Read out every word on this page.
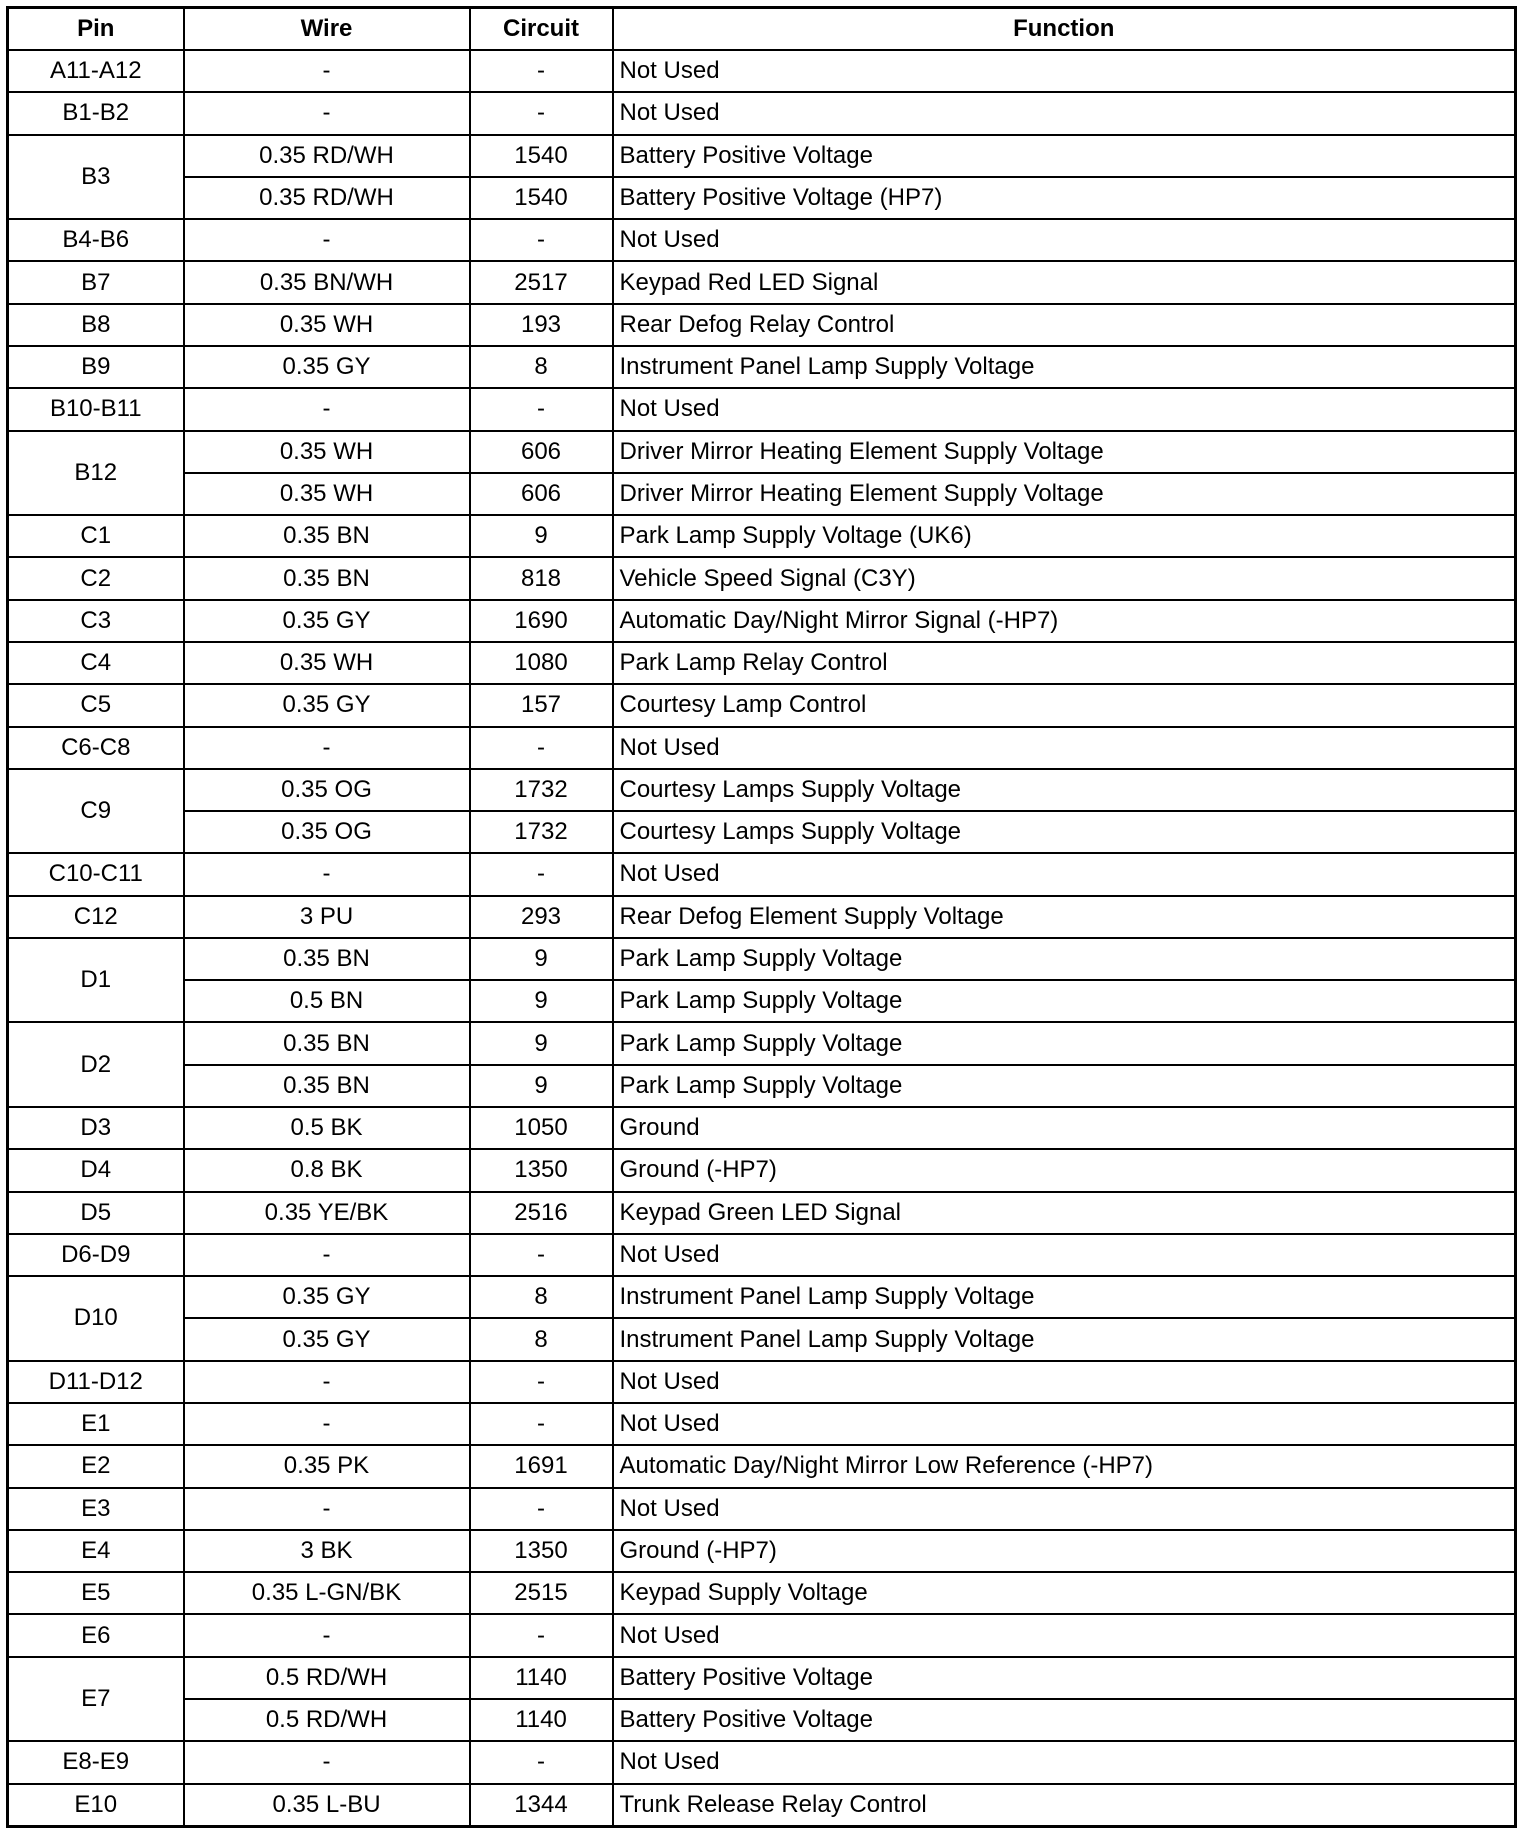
Pin	Wire	Circuit	Function
A11-A12	-	-	Not Used
B1-B2	-	-	Not Used
B3	0.35 RD/WH	1540	Battery Positive Voltage
	0.35 RD/WH	1540	Battery Positive Voltage (HP7)
B4-B6	-	-	Not Used
B7	0.35 BN/WH	2517	Keypad Red LED Signal
B8	0.35 WH	193	Rear Defog Relay Control
B9	0.35 GY	8	Instrument Panel Lamp Supply Voltage
B10-B11	-	-	Not Used
B12	0.35 WH	606	Driver Mirror Heating Element Supply Voltage
	0.35 WH	606	Driver Mirror Heating Element Supply Voltage
C1	0.35 BN	9	Park Lamp Supply Voltage (UK6)
C2	0.35 BN	818	Vehicle Speed Signal (C3Y)
C3	0.35 GY	1690	Automatic Day/Night Mirror Signal (-HP7)
C4	0.35 WH	1080	Park Lamp Relay Control
C5	0.35 GY	157	Courtesy Lamp Control
C6-C8	-	-	Not Used
C9	0.35 OG	1732	Courtesy Lamps Supply Voltage
	0.35 OG	1732	Courtesy Lamps Supply Voltage
C10-C11	-	-	Not Used
C12	3 PU	293	Rear Defog Element Supply Voltage
D1	0.35 BN	9	Park Lamp Supply Voltage
	0.5 BN	9	Park Lamp Supply Voltage
D2	0.35 BN	9	Park Lamp Supply Voltage
	0.35 BN	9	Park Lamp Supply Voltage
D3	0.5 BK	1050	Ground
D4	0.8 BK	1350	Ground (-HP7)
D5	0.35 YE/BK	2516	Keypad Green LED Signal
D6-D9	-	-	Not Used
D10	0.35 GY	8	Instrument Panel Lamp Supply Voltage
	0.35 GY	8	Instrument Panel Lamp Supply Voltage
D11-D12	-	-	Not Used
E1	-	-	Not Used
E2	0.35 PK	1691	Automatic Day/Night Mirror Low Reference (-HP7)
E3	-	-	Not Used
E4	3 BK	1350	Ground (-HP7)
E5	0.35 L-GN/BK	2515	Keypad Supply Voltage
E6	-	-	Not Used
E7	0.5 RD/WH	1140	Battery Positive Voltage
	0.5 RD/WH	1140	Battery Positive Voltage
E8-E9	-	-	Not Used
E10	0.35 L-BU	1344	Trunk Release Relay Control
